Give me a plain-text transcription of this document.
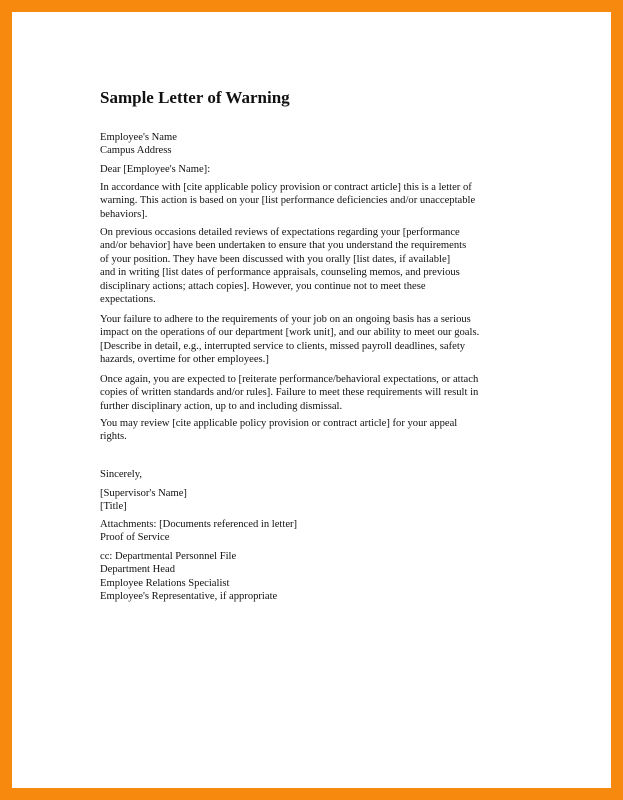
Sample Letter of Warning
Employee's Name
Campus Address
Dear [Employee's Name]:
In accordance with [cite applicable policy provision or contract article] this is a letter of
warning. This action is based on your [list performance deficiencies and/or unacceptable
behaviors].
On previous occasions detailed reviews of expectations regarding your [performance
and/or behavior] have been undertaken to ensure that you understand the requirements
of your position. They have been discussed with you orally [list dates, if available]
and in writing [list dates of performance appraisals, counseling memos, and previous
disciplinary actions; attach copies]. However, you continue not to meet these
expectations.
Your failure to adhere to the requirements of your job on an ongoing basis has a serious
impact on the operations of our department [work unit], and our ability to meet our goals.
[Describe in detail, e.g., interrupted service to clients, missed payroll deadlines, safety
hazards, overtime for other employees.]
Once again, you are expected to [reiterate performance/behavioral expectations, or attach
copies of written standards and/or rules]. Failure to meet these requirements will result in
further disciplinary action, up to and including dismissal.
You may review [cite applicable policy provision or contract article] for your appeal
rights.
Sincerely,
[Supervisor's Name]
[Title]
Attachments: [Documents referenced in letter]
Proof of Service
cc: Departmental Personnel File
Department Head
Employee Relations Specialist
Employee's Representative, if appropriate
